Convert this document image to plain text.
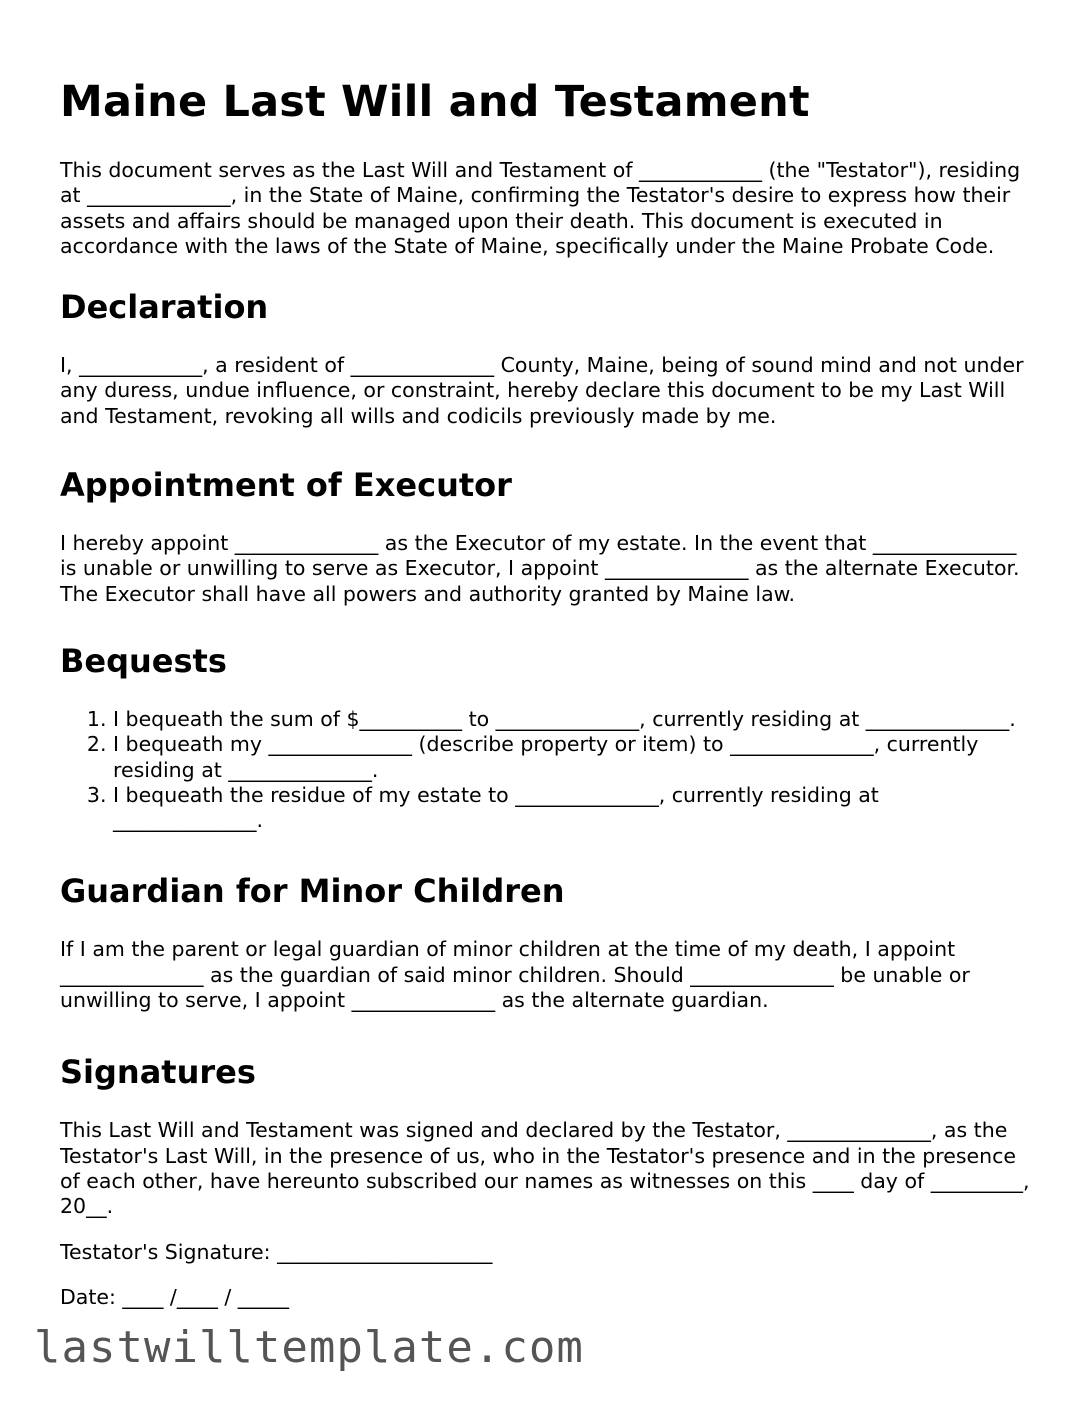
Maine Last Will and Testament

This document serves as the Last Will and Testament of ____________ (the "Testator"), residing at ______________, in the State of Maine, confirming the Testator's desire to express how their assets and affairs should be managed upon their death. This document is executed in accordance with the laws of the State of Maine, specifically under the Maine Probate Code.

Declaration

I, ____________, a resident of ______________ County, Maine, being of sound mind and not under any duress, undue influence, or constraint, hereby declare this document to be my Last Will and Testament, revoking all wills and codicils previously made by me.

Appointment of Executor

I hereby appoint ______________ as the Executor of my estate. In the event that ______________ is unable or unwilling to serve as Executor, I appoint ______________ as the alternate Executor. The Executor shall have all powers and authority granted by Maine law.

Bequests
1. I bequeath the sum of $__________ to ______________, currently residing at ______________.
2. I bequeath my ______________ (describe property or item) to ______________, currently residing at ______________.
3. I bequeath the residue of my estate to ______________, currently residing at ______________.
Guardian for Minor Children

If I am the parent or legal guardian of minor children at the time of my death, I appoint ______________ as the guardian of said minor children. Should ______________ be unable or unwilling to serve, I appoint ______________ as the alternate guardian.

Signatures

This Last Will and Testament was signed and declared by the Testator, ______________, as the Testator's Last Will, in the presence of us, who in the Testator's presence and in the presence of each other, have hereunto subscribed our names as witnesses on this ____ day of _________, 20__.

Testator's Signature: _____________________

Date: ____ /____ / _____

lastwilltemplate.com
